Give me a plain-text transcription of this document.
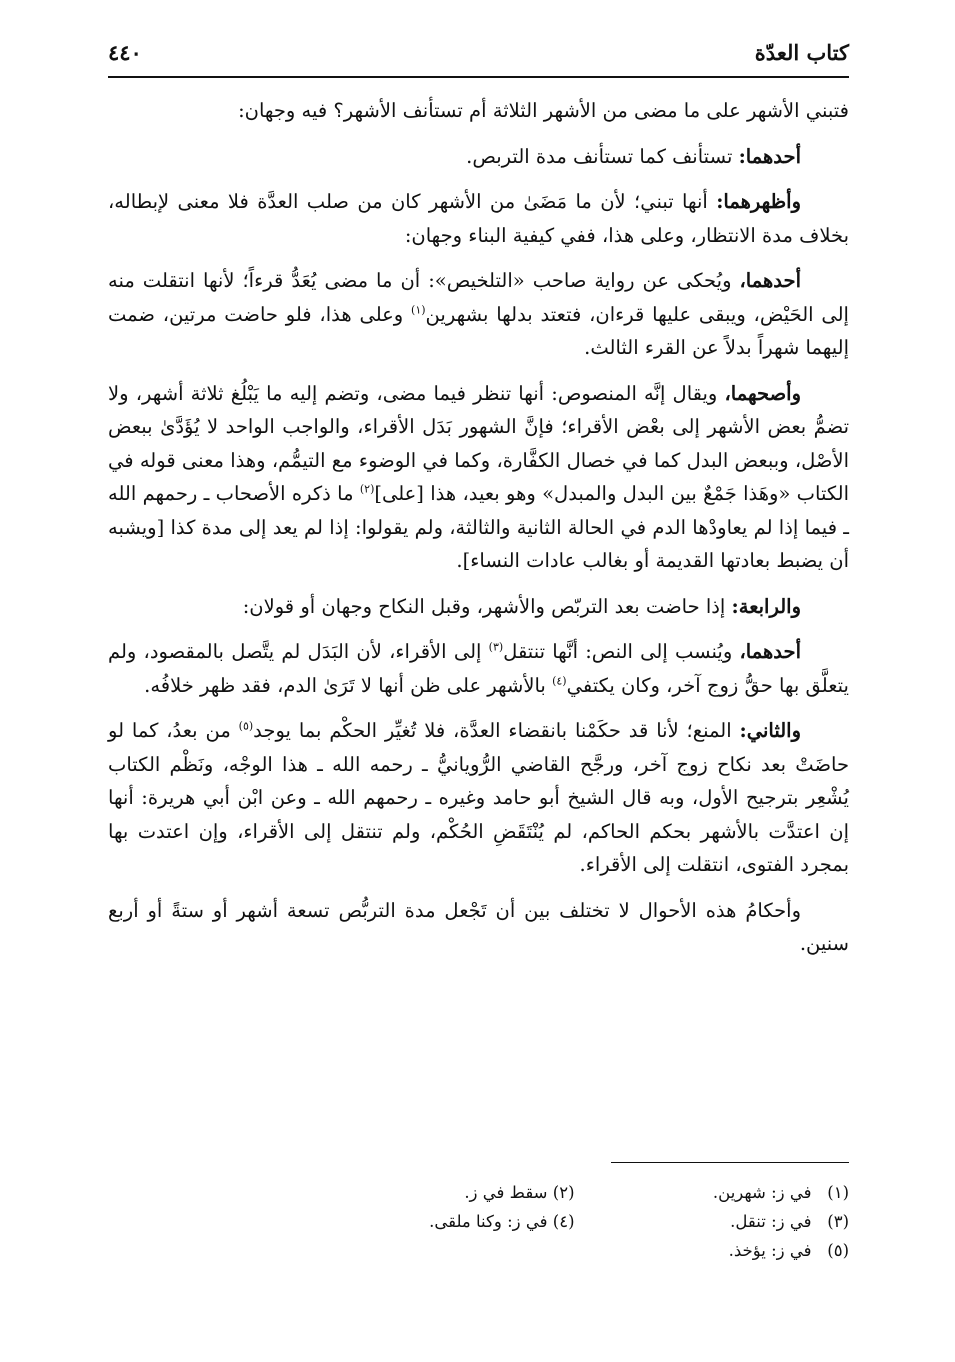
كتاب العدّة
٤٤٠

فتبني الأشهر على ما مضى من الأشهر الثلاثة أم تستأنف الأشهر؟ فيه وجهان:

أحدهما: تستأنف كما تستأنف مدة التربص.

وأظهرهما: أنها تبني؛ لأن ما مَضَىٰ من الأشهر كان من صلب العدَّة فلا معنى لإبطاله، بخلاف مدة الانتظار، وعلى هذا، ففي كيفية البناء وجهان:

أحدهما، ويُحكى عن رواية صاحب «التلخيص»: أن ما مضى يُعَدُّ قرءاً؛ لأنها انتقلت منه إلى الحَيْض، ويبقى عليها قرءان، فتعتد بدلها بشهرين$^{(١)}$ وعلى هذا، فلو حاضت مرتين، ضمت إليهما شهراً بدلاً عن القرء الثالث.

وأصحهما، ويقال إنَّه المنصوص: أنها تنظر فيما مضى، وتضم إليه ما يَبْلُغ ثلاثة أشهر، ولا تضمُّ بعض الأشهر إلى بعْض الأقراء؛ فإنَّ الشهور بَدَل الأقراء، والواجب الواحد لا يُؤَدَّىٰ ببعض الأصْل، وببعض البدل كما في خصال الكفَّارة، وكما في الوضوء مع التيمُّم، وهذا معنى قوله في الكتاب «وهَذا جَمْعٌ بين البدل والمبدل» وهو بعيد، هذا [على]$^{(٢)}$ ما ذكره الأصحاب ـ رحمهم الله ـ فيما إذا لم يعاودْها الدم في الحالة الثانية والثالثة، ولم يقولوا: إذا لم يعد إلى مدة كذا [ويشبه أن يضبط بعادتها القديمة أو بغالب عادات النساء].

والرابعة: إذا حاضت بعد التربّص والأشهر، وقبل النكاح وجهان أو قولان:

أحدهما، ويُنسب إلى النص: أنَّها تنتقل$^{(٣)}$ إلى الأقراء، لأن البَدَل لم يتَّصل بالمقصود، ولم يتعلَّق بها حقُّ زوج آخر، وكان يكتفي$^{(٤)}$ بالأشهر على ظن أنها لا تَرَىٰ الدم، فقد ظهر خلافُه.

والثاني: المنع؛ لأنا قد حكَمْنا بانقضاء العدَّة، فلا تُغيِّر الحكْم بما يوجد$^{(٥)}$ من بعدُ، كما لو حاضَتْ بعد نكاح زوج آخر، ورجَّح القاضي الرُّويانيُّ ـ رحمه الله ـ هذا الوجْه، ونَظْم الكتاب يُشْعِر بترجيح الأول، وبه قال الشيخ أبو حامد وغيره ـ رحمهم الله ـ وعن ابْن أبي هريرة: أنها إن اعتدَّت بالأشهر بحكم الحاكم، لم يُنْتَقَضِ الحُكْم، ولم تنتقل إلى الأقراء، وإن اعتدت بها بمجرد الفتوى، انتقلت إلى الأقراء.

وأحكامُ هذه الأحوال لا تختلف بين أن تَجْعل مدة التربُّص تسعة أشهر أو ستةً أو أربع سنين.

(١)   في ز: شهرين.
(٢) سقط في ز.
(٣)   في ز: تنقل.
(٤) في ز: وكنا ملقى.
(٥)   في ز: يؤخذ.
